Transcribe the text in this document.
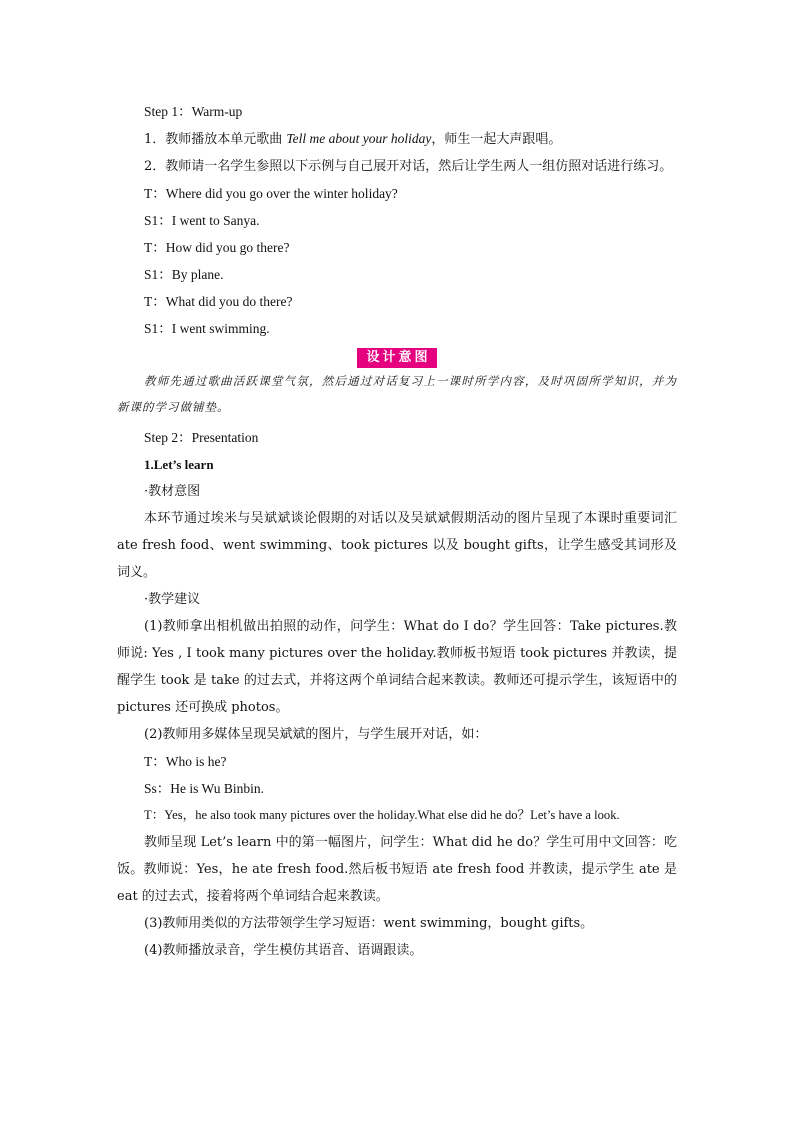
Step 1：Warm-up

1．教师播放本单元歌曲 Tell me about your holiday，师生一起大声跟唱。

2．教师请一名学生参照以下示例与自己展开对话，然后让学生两人一组仿照对话进行练习。

T：Where did you go over the winter holiday?

S1：I went to Sanya.

T：How did you go there?

S1：By plane.

T：What did you do there?

S1：I went swimming.

设计意图

教师先通过歌曲活跃课堂气氛，然后通过对话复习上一课时所学内容，及时巩固所学知识，并为新课的学习做铺垫。

Step 2：Presentation

1.Let’s learn

·教材意图

本环节通过埃米与吴斌斌谈论假期的对话以及吴斌斌假期活动的图片呈现了本课时重要词汇 ate fresh food、went swimming、took pictures 以及 bought gifts，让学生感受其词形及词义。

·教学建议

(1)教师拿出相机做出拍照的动作，问学生：What do I do？学生回答：Take pictures.教师说: Yes , I took many pictures over the holiday.教师板书短语 took pictures 并教读，提醒学生 took 是 take 的过去式，并将这两个单词结合起来教读。教师还可提示学生，该短语中的 pictures 还可换成 photos。

(2)教师用多媒体呈现吴斌斌的图片，与学生展开对话，如：

T：Who is he?

Ss：He is Wu Binbin.

T：Yes，he also took many pictures over the holiday.What else did he do？Let’s have a look.

教师呈现 Let’s learn 中的第一幅图片，问学生：What did he do？学生可用中文回答：吃饭。教师说：Yes，he ate fresh food.然后板书短语 ate fresh food 并教读，提示学生 ate 是 eat 的过去式，接着将两个单词结合起来教读。

(3)教师用类似的方法带领学生学习短语：went swimming，bought gifts。

(4)教师播放录音，学生模仿其语音、语调跟读。
